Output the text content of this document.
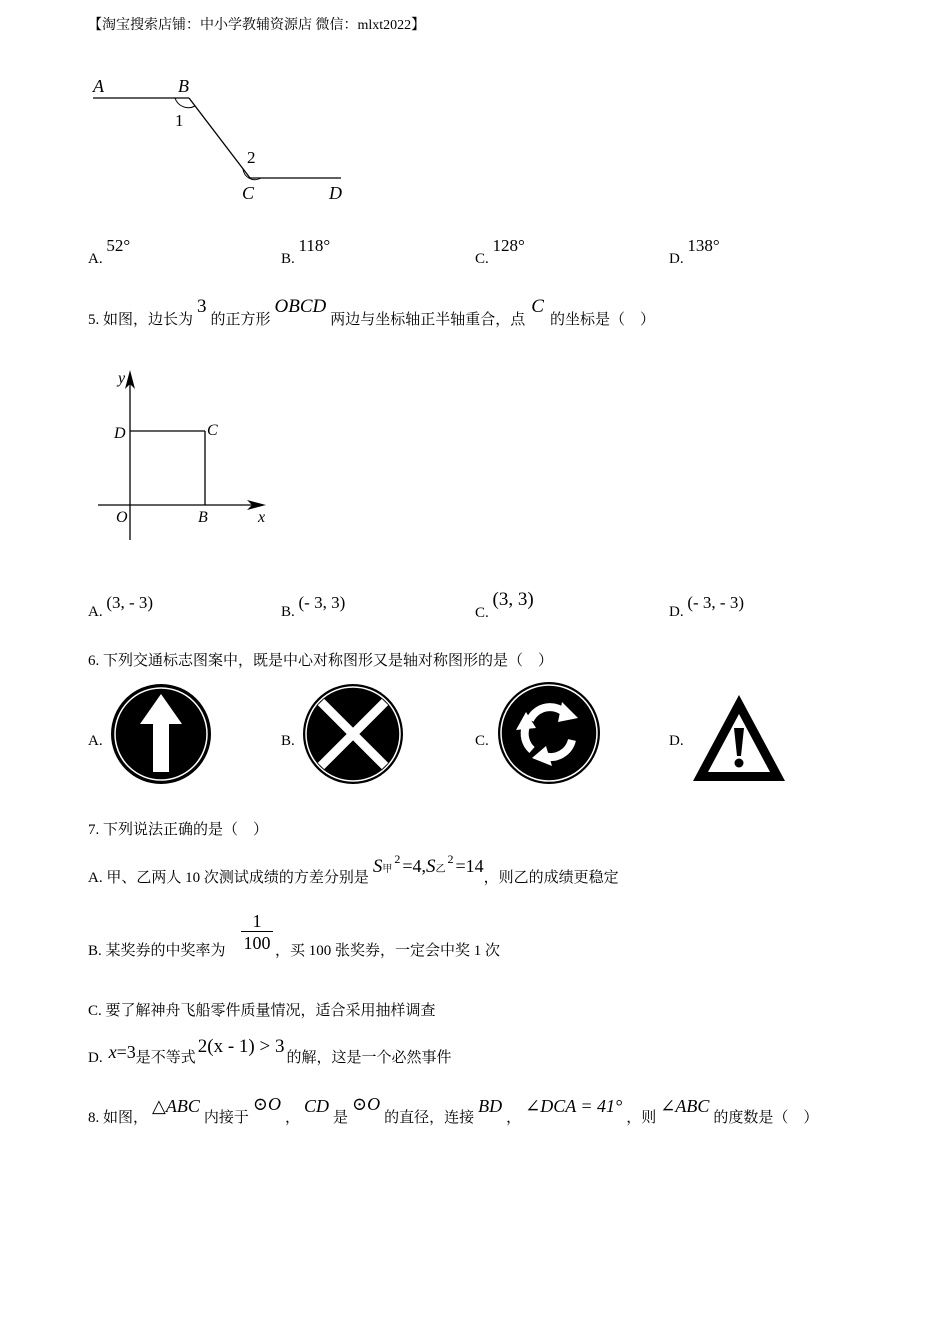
【淘宝搜索店铺：中小学教辅资源店 微信：mlxt2022】
A	B
1
2
C	D
A. 52°
B. 118°
C. 128°
D. 138°
5. 如图，边长为3的正方形OBCD两边与坐标轴正半轴重合，点C的坐标是（　）
y
x
D	C
O	B
A. (3, - 3)	B. (- 3, 3)
C. (3, 3)
D. (- 3, - 3)
6. 下列交通标志图案中，既是中心对称图形又是轴对称图形的是（　）
A.	B.	C.	D.
7. 下列说法正确的是（　）
A. 甲、乙两人 10 次测试成绩的方差分别是S甲$^2$ =4,S乙$^2$ =14，则乙的成绩更稳定
B. 某奖券的中奖率为 $\frac{1}{100}$ ，买 100 张奖券，一定会中奖 1 次
C. 要了解神舟飞船零件质量情况，适合采用抽样调查
D. x=3是不等式2(x - 1) > 3的解，这是一个必然事件
8. 如图，△ABC内接于⊙O，CD是⊙O的直径，连接BD，∠DCA = 41°，则∠ABC的度数是（　）
